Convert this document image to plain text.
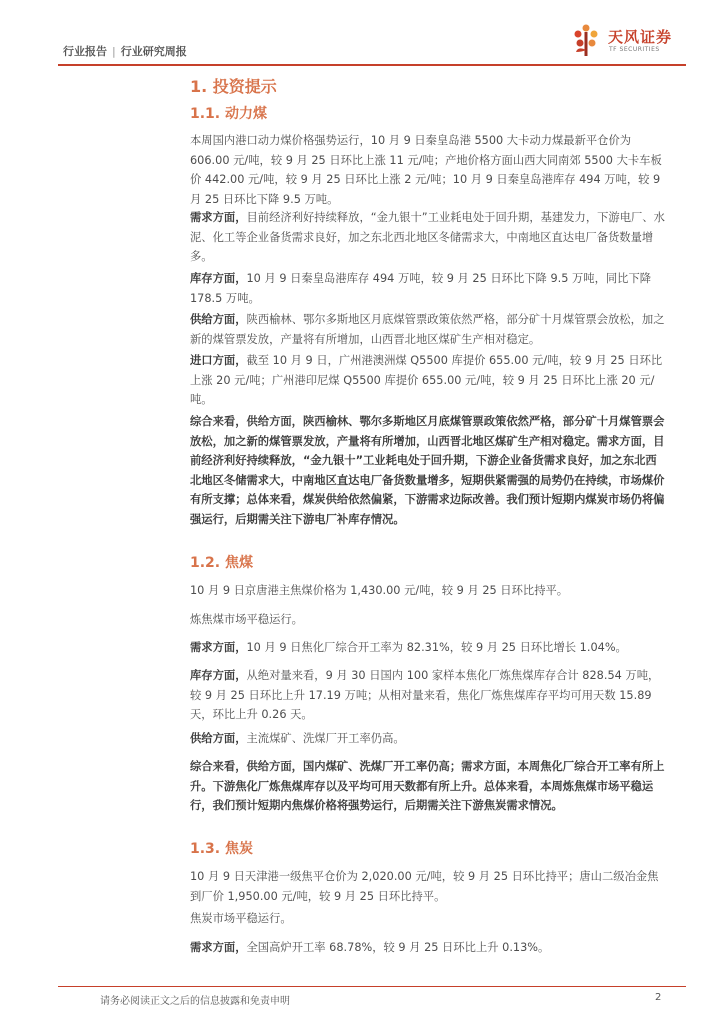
行业报告 | 行业研究周报
天风证券
TF SECURITIES
1. 投资提示
1.1. 动力煤

本周国内港口动力煤价格强势运行，10 月 9 日秦皇岛港 5500 大卡动力煤最新平仓价为 606.00 元/吨，较 9 月 25 日环比上涨 11 元/吨；产地价格方面山西大同南郊 5500 大卡车板价 442.00 元/吨，较 9 月 25 日环比上涨 2 元/吨；10 月 9 日秦皇岛港库存 494 万吨，较 9 月 25 日环比下降 9.5 万吨。

需求方面，目前经济利好持续释放，“金九银十”工业耗电处于回升期，基建发力，下游电厂、水泥、化工等企业备货需求良好，加之东北西北地区冬储需求大，中南地区直达电厂备货数量增多。

库存方面，10 月 9 日秦皇岛港库存 494 万吨，较 9 月 25 日环比下降 9.5 万吨，同比下降 178.5 万吨。

供给方面，陕西榆林、鄂尔多斯地区月底煤管票政策依然严格，部分矿十月煤管票会放松，加之新的煤管票发放，产量将有所增加，山西晋北地区煤矿生产相对稳定。

进口方面，截至 10 月 9 日，广州港澳洲煤 Q5500 库提价 655.00 元/吨，较 9 月 25 日环比上涨 20 元/吨；广州港印尼煤 Q5500 库提价 655.00 元/吨，较 9 月 25 日环比上涨 20 元/吨。

综合来看，供给方面，陕西榆林、鄂尔多斯地区月底煤管票政策依然严格，部分矿十月煤管票会放松，加之新的煤管票发放，产量将有所增加，山西晋北地区煤矿生产相对稳定。需求方面，目前经济利好持续释放，“金九银十”工业耗电处于回升期，下游企业备货需求良好，加之东北西北地区冬储需求大，中南地区直达电厂备货数量增多，短期供紧需强的局势仍在持续，市场煤价有所支撑；总体来看，煤炭供给依然偏紧，下游需求边际改善。我们预计短期内煤炭市场仍将偏强运行，后期需关注下游电厂补库存情况。

1.2. 焦煤

10 月 9 日京唐港主焦煤价格为 1,430.00 元/吨，较 9 月 25 日环比持平。

炼焦煤市场平稳运行。

需求方面，10 月 9 日焦化厂综合开工率为 82.31%，较 9 月 25 日环比增长 1.04%。

库存方面，从绝对量来看，9 月 30 日国内 100 家样本焦化厂炼焦煤库存合计 828.54 万吨，较 9 月 25 日环比上升 17.19 万吨；从相对量来看，焦化厂炼焦煤库存平均可用天数 15.89 天，环比上升 0.26 天。

供给方面，主流煤矿、洗煤厂开工率仍高。

综合来看，供给方面，国内煤矿、洗煤厂开工率仍高；需求方面，本周焦化厂综合开工率有所上升。下游焦化厂炼焦煤库存以及平均可用天数都有所上升。总体来看，本周炼焦煤市场平稳运行，我们预计短期内焦煤价格将强势运行，后期需关注下游焦炭需求情况。

1.3. 焦炭

10 月 9 日天津港一级焦平仓价为 2,020.00 元/吨，较 9 月 25 日环比持平；唐山二级冶金焦到厂价 1,950.00 元/吨，较 9 月 25 日环比持平。

焦炭市场平稳运行。

需求方面，全国高炉开工率 68.78%，较 9 月 25 日环比上升 0.13%。

请务必阅读正文之后的信息披露和免责申明	2
